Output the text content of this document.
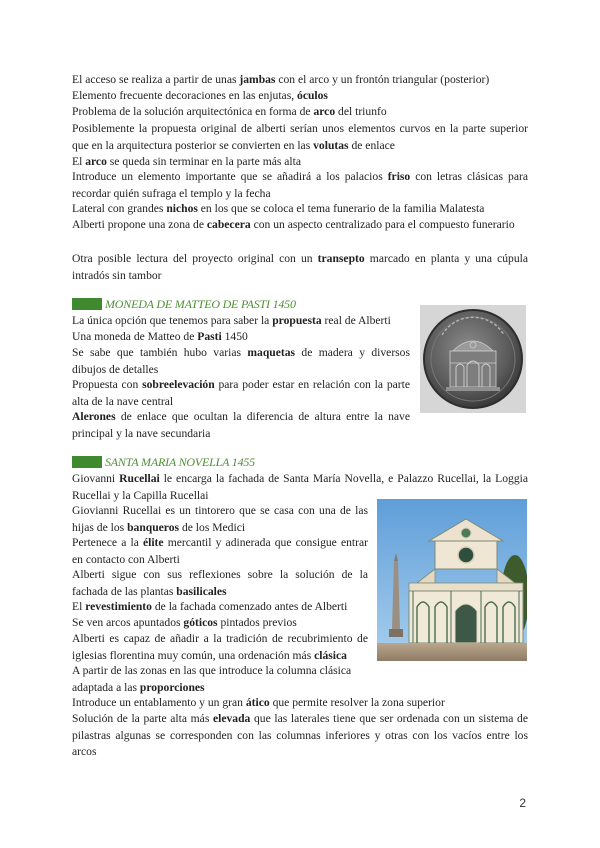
El acceso se realiza a partir de unas jambas con el arco y un frontón triangular (posterior)

Elemento frecuente decoraciones en las enjutas, óculos

Problema de la solución arquitectónica en forma de arco del triunfo

Posiblemente la propuesta original de alberti serían unos elementos curvos en la parte superior que en la arquitectura posterior se convierten en las volutas de enlace

El arco se queda sin terminar en la parte más alta

Introduce un elemento importante que se añadirá a los palacios friso con letras clásicas para recordar quién sufraga el templo y la fecha

Lateral con grandes nichos en los que se coloca el tema funerario de la familia Malatesta

Alberti propone una zona de cabecera con un aspecto centralizado para el compuesto funerario

Otra posible lectura del proyecto original con un transepto marcado en planta y una cúpula intradós sin tambor

MONEDA DE MATTEO DE PASTI 1450

La única opción que tenemos para saber la propuesta real de Alberti

Una moneda de Matteo de Pasti 1450

Se sabe que también hubo varias maquetas de madera y diversos dibujos de detalles

Propuesta con sobreelevación para poder estar en relación con la parte alta de la nave central

Alerones de enlace que ocultan la diferencia de altura entre la nave principal y la nave secundaria

SANTA MARIA NOVELLA 1455

Giovanni Rucellai le encarga la fachada de Santa María Novella, e Palazzo Rucellai, la Loggia Rucellai y la Capilla Rucellai

Giovianni Rucellai es un tintorero que se casa con una de las hijas de los banqueros de los Medici

Pertenece a la élite mercantil y adinerada que consigue entrar en contacto con Alberti

Alberti sigue con sus reflexiones sobre la solución de la fachada de las plantas basilicales

El revestimiento de la fachada comenzado antes de Alberti

Se ven arcos apuntados góticos pintados previos

Alberti es capaz de añadir a la tradición de recubrimiento de iglesias florentina muy común, una ordenación más clásica

A partir de las zonas en las que introduce la columna clásica adaptada a las proporciones

Introduce un entablamento y un gran ático que permite resolver la zona superior

Solución de la parte alta más elevada que las laterales tiene que ser ordenada con un sistema de pilastras algunas se corresponden con las columnas inferiores y otras con los vacíos entre los arcos

2
